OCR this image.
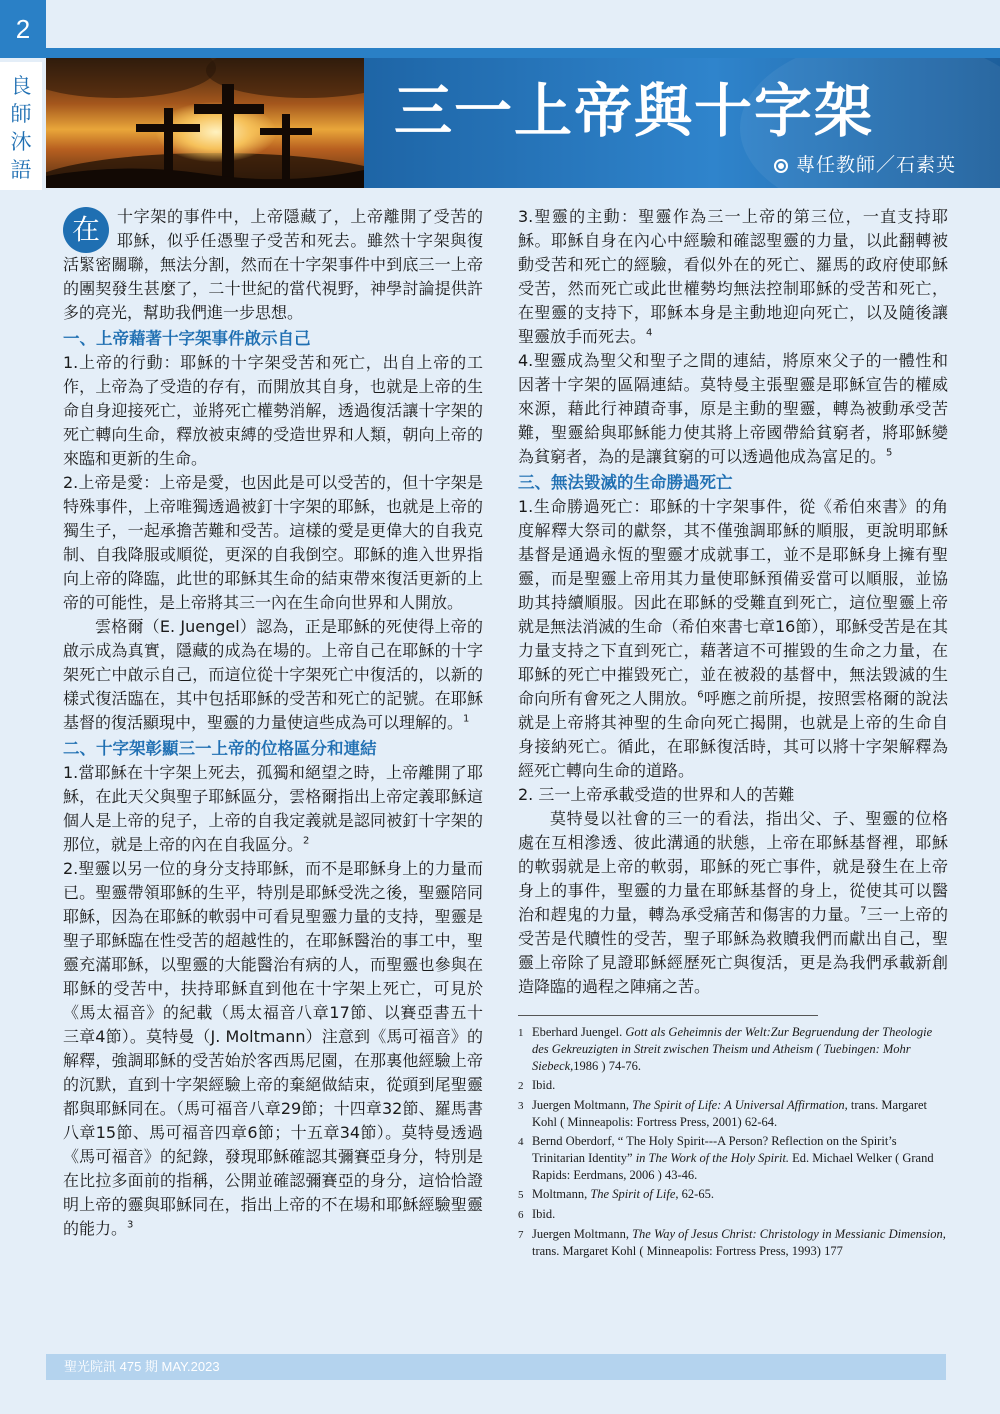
2
良
師
沐
語
三一上帝與十字架
專任教師／石素英

在	十字架的事件中，上帝隱藏了，上帝離開了受苦的耶穌，似乎任憑聖子受苦和死去。雖然十字架與復活緊密關聯，無法分割，然而在十字架事件中到底三一上帝的團契發生甚麼了，二十世紀的當代視野，神學討論提供許多的亮光，幫助我們進一步思想。

一、上帝藉著十字架事件啟示自己

1.上帝的行動：耶穌的十字架受苦和死亡，出自上帝的工作，上帝為了受造的存有，而開放其自身，也就是上帝的生命自身迎接死亡，並將死亡權勢消解，透過復活讓十字架的死亡轉向生命，釋放被束縛的受造世界和人類，朝向上帝的來臨和更新的生命。

2.上帝是愛：上帝是愛，也因此是可以受苦的，但十字架是特殊事件，上帝唯獨透過被釘十字架的耶穌，也就是上帝的獨生子，一起承擔苦難和受苦。這樣的愛是更偉大的自我克制、自我降服或順從，更深的自我倒空。耶穌的進入世界指向上帝的降臨，此世的耶穌其生命的結束帶來復活更新的上帝的可能性，是上帝將其三一內在生命向世界和人開放。

雲格爾（E. Juengel）認為，正是耶穌的死使得上帝的啟示成為真實，隱藏的成為在場的。上帝自己在耶穌的十字架死亡中啟示自己，而這位從十字架死亡中復活的，以新的樣式復活臨在，其中包括耶穌的受苦和死亡的記號。在耶穌基督的復活顯現中，聖靈的力量使這些成為可以理解的。$^1$

二、十字架彰顯三一上帝的位格區分和連結

1.當耶穌在十字架上死去，孤獨和絕望之時，上帝離開了耶穌，在此天父與聖子耶穌區分，雲格爾指出上帝定義耶穌這個人是上帝的兒子，上帝的自我定義就是認同被釘十字架的那位，就是上帝的內在自我區分。$^2$

2.聖靈以另一位的身分支持耶穌，而不是耶穌身上的力量而已。聖靈帶領耶穌的生平，特別是耶穌受洗之後，聖靈陪同耶穌，因為在耶穌的軟弱中可看見聖靈力量的支持，聖靈是聖子耶穌臨在性受苦的超越性的，在耶穌醫治的事工中，聖靈充滿耶穌，以聖靈的大能醫治有病的人，而聖靈也參與在耶穌的受苦中，扶持耶穌直到他在十字架上死亡，可見於《馬太福音》的紀載（馬太福音八章17節、以賽亞書五十三章4節）。莫特曼（J. Moltmann）注意到《馬可福音》的解釋，強調耶穌的受苦始於客西馬尼園，在那裏他經驗上帝的沉默，直到十字架經驗上帝的棄絕做結束，從頭到尾聖靈都與耶穌同在。（馬可福音八章29節；十四章32節、羅馬書八章15節、馬可福音四章6節；十五章34節）。莫特曼透過《馬可福音》的紀錄，發現耶穌確認其彌賽亞身分，特別是在比拉多面前的指稱，公開並確認彌賽亞的身分，這恰恰證明上帝的靈與耶穌同在，指出上帝的不在場和耶穌經驗聖靈的能力。$^3$

3.聖靈的主動：聖靈作為三一上帝的第三位，一直支持耶穌。耶穌自身在內心中經驗和確認聖靈的力量，以此翻轉被動受苦和死亡的經驗，看似外在的死亡、羅馬的政府使耶穌受苦，然而死亡或此世權勢均無法控制耶穌的受苦和死亡，在聖靈的支持下，耶穌本身是主動地迎向死亡，以及隨後讓聖靈放手而死去。$^4$

4.聖靈成為聖父和聖子之間的連結，將原來父子的一體性和因著十字架的區隔連結。莫特曼主張聖靈是耶穌宣告的權威來源，藉此行神蹟奇事，原是主動的聖靈，轉為被動承受苦難，聖靈給與耶穌能力使其將上帝國帶給貧窮者，將耶穌變為貧窮者，為的是讓貧窮的可以透過他成為富足的。$^5$

三、無法毀滅的生命勝過死亡

1.生命勝過死亡：耶穌的十字架事件，從《希伯來書》的角度解釋大祭司的獻祭，其不僅強調耶穌的順服，更說明耶穌基督是通過永恆的聖靈才成就事工，並不是耶穌身上擁有聖靈，而是聖靈上帝用其力量使耶穌預備妥當可以順服，並協助其持續順服。因此在耶穌的受難直到死亡，這位聖靈上帝就是無法消滅的生命（希伯來書七章16節），耶穌受苦是在其力量支持之下直到死亡，藉著這不可摧毀的生命之力量，在耶穌的死亡中摧毀死亡，並在被殺的基督中，無法毀滅的生命向所有會死之人開放。$^6$呼應之前所提，按照雲格爾的說法就是上帝將其神聖的生命向死亡揭開，也就是上帝的生命自身接納死亡。循此，在耶穌復活時，其可以將十字架解釋為經死亡轉向生命的道路。

2. 三一上帝承載受造的世界和人的苦難

莫特曼以社會的三一的看法，指出父、子、聖靈的位格處在互相滲透、彼此溝通的狀態，上帝在耶穌基督裡，耶穌的軟弱就是上帝的軟弱，耶穌的死亡事件，就是發生在上帝身上的事件，聖靈的力量在耶穌基督的身上，從使其可以醫治和趕鬼的力量，轉為承受痛苦和傷害的力量。$^7$三一上帝的受苦是代贖性的受苦，聖子耶穌為救贖我們而獻出自己，聖靈上帝除了見證耶穌經歷死亡與復活，更是為我們承載新創造降臨的過程之陣痛之苦。

1 Eberhard Juengel. Gott als Geheimnis der Welt:Zur Begruendung der Theologie des Gekreuzigten in Streit zwischen Theism und Atheism ( Tuebingen: Mohr Siebeck,1986 ) 74-76.
2 Ibid.
3 Juergen Moltmann, The Spirit of Life: A Universal Affirmation, trans. Margaret Kohl ( Minneapolis: Fortress Press, 2001) 62-64.
4 Bernd Oberdorf, “ The Holy Spirit---A Person? Reflection on the Spirit’s Trinitarian Identity” in The Work of the Holy Spirit. Ed. Michael Welker ( Grand Rapids: Eerdmans, 2006 ) 43-46.
5 Moltmann, The Spirit of Life, 62-65.
6 Ibid.
7 Juergen Moltmann, The Way of Jesus Christ: Christology in Messianic Dimension, trans. Margaret Kohl ( Minneapolis: Fortress Press, 1993) 177
聖光院訊 475 期 MAY.2023
